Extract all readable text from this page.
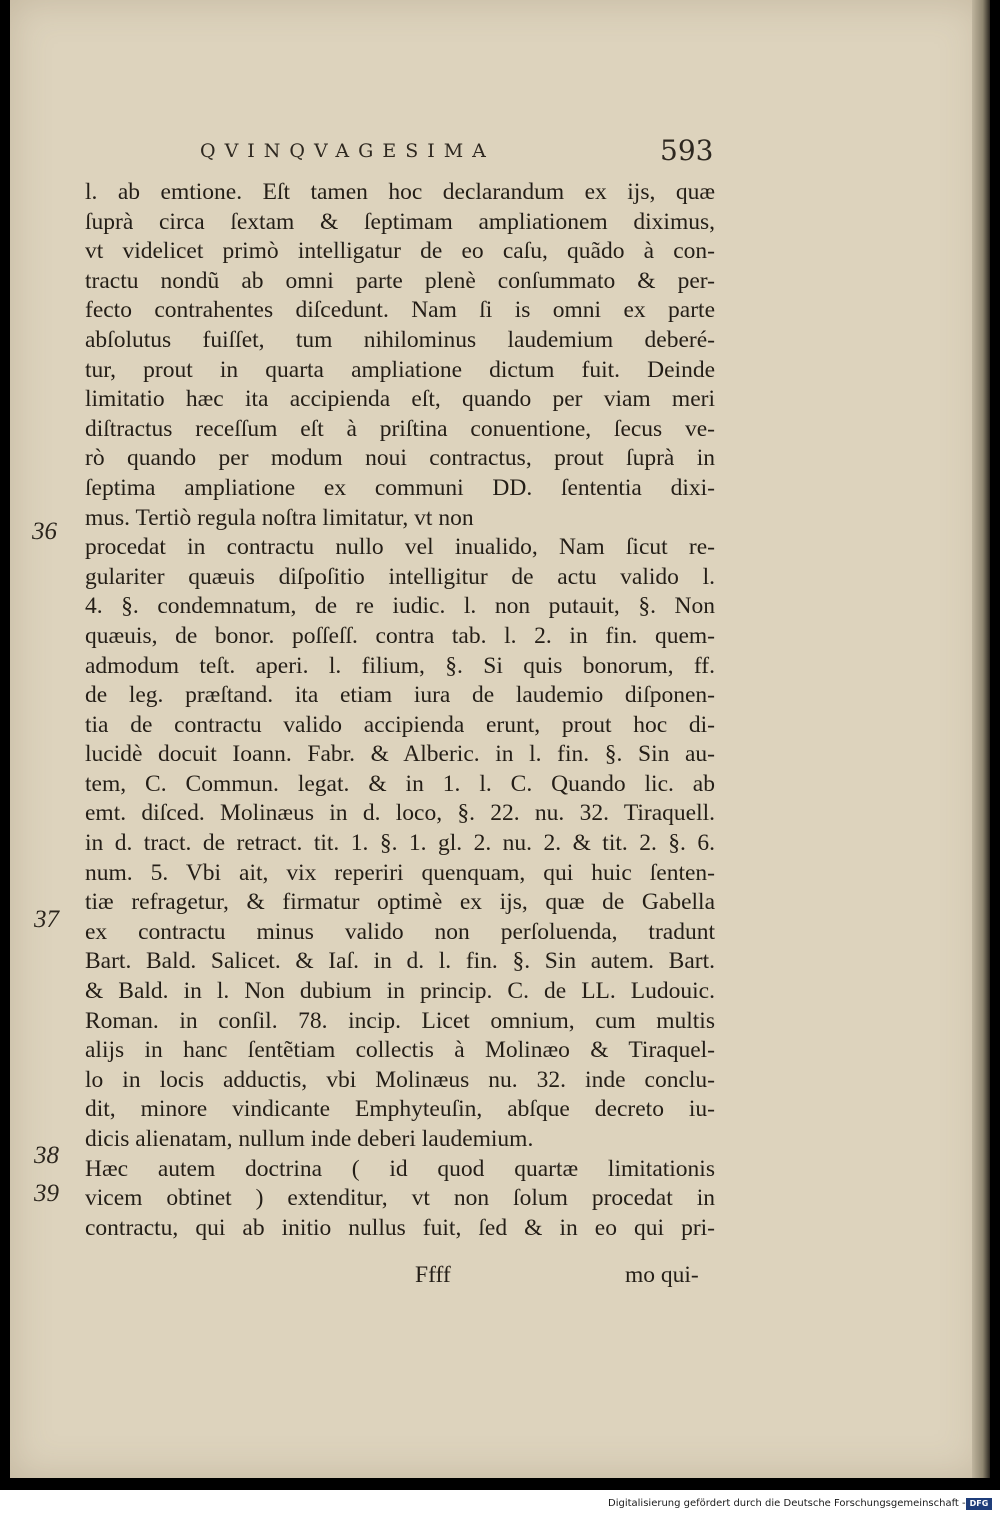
QVINQVAGESIMA	593
l. ab emtione. Eſt tamen hoc declarandum ex ijs, quæ
ſuprà circa ſextam & ſeptimam ampliationem diximus,
vt videlicet primò intelligatur de eo caſu, quãdo à con-
tractu nondũ ab omni parte plenè conſummato & per-
fecto contrahentes diſcedunt. Nam ſi is omni ex parte
abſolutus fuiſſet, tum nihilominus laudemium deberé-
tur, prout in quarta ampliatione dictum fuit. Deinde
limitatio hæc ita accipienda eſt, quando per viam meri
diſtractus receſſum eſt à priſtina conuentione, ſecus ve-
rò quando per modum noui contractus, prout ſuprà in
ſeptima ampliatione ex communi DD. ſententia dixi-
mus. Tertiò regula noſtra limitatur, vt non
procedat in contractu nullo vel inualido, Nam ſicut re-
gulariter quæuis diſpoſitio intelligitur de actu valido l.
4. §. condemnatum, de re iudic. l. non putauit, §. Non
quæuis, de bonor. poſſeſſ. contra tab. l. 2. in fin. quem-
admodum teſt. aperi. l. filium, §. Si quis bonorum, ff.
de leg. præſtand. ita etiam iura de laudemio diſponen-
tia de contractu valido accipienda erunt, prout hoc di-
lucidè docuit Ioann. Fabr. & Alberic. in l. fin. §. Sin au-
tem, C. Commun. legat. & in 1. l. C. Quando lic. ab
emt. diſced. Molinæus in d. loco, §. 22. nu. 32. Tiraquell.
in d. tract. de retract. tit. 1. §. 1. gl. 2. nu. 2. & tit. 2. §. 6.
num. 5. Vbi ait, vix reperiri quenquam, qui huic ſenten-
tiæ refragetur, & firmatur optimè ex ijs, quæ de Gabella
ex contractu minus valido non perſoluenda, tradunt
Bart. Bald. Salicet. & Iaſ. in d. l. fin. §. Sin autem. Bart.
& Bald. in l. Non dubium in princip. C. de LL. Ludouic.
Roman. in conſil. 78. incip. Licet omnium, cum multis
alijs in hanc ſentẽtiam collectis à Molinæo & Tiraquel-
lo in locis adductis, vbi Molinæus nu. 32. inde conclu-
dit, minore vindicante Emphyteuſin, abſque decreto iu-
dicis alienatam, nullum inde deberi laudemium.
Hæc autem doctrina ( id quod quartæ limitationis
vicem obtinet ) extenditur, vt non ſolum procedat in
contractu, qui ab initio nullus fuit, ſed & in eo qui pri-
36
37
38
39
Ffff	mo qui-
Digitalisierung gefördert durch die Deutsche Forschungsgemeinschaft - DFG
